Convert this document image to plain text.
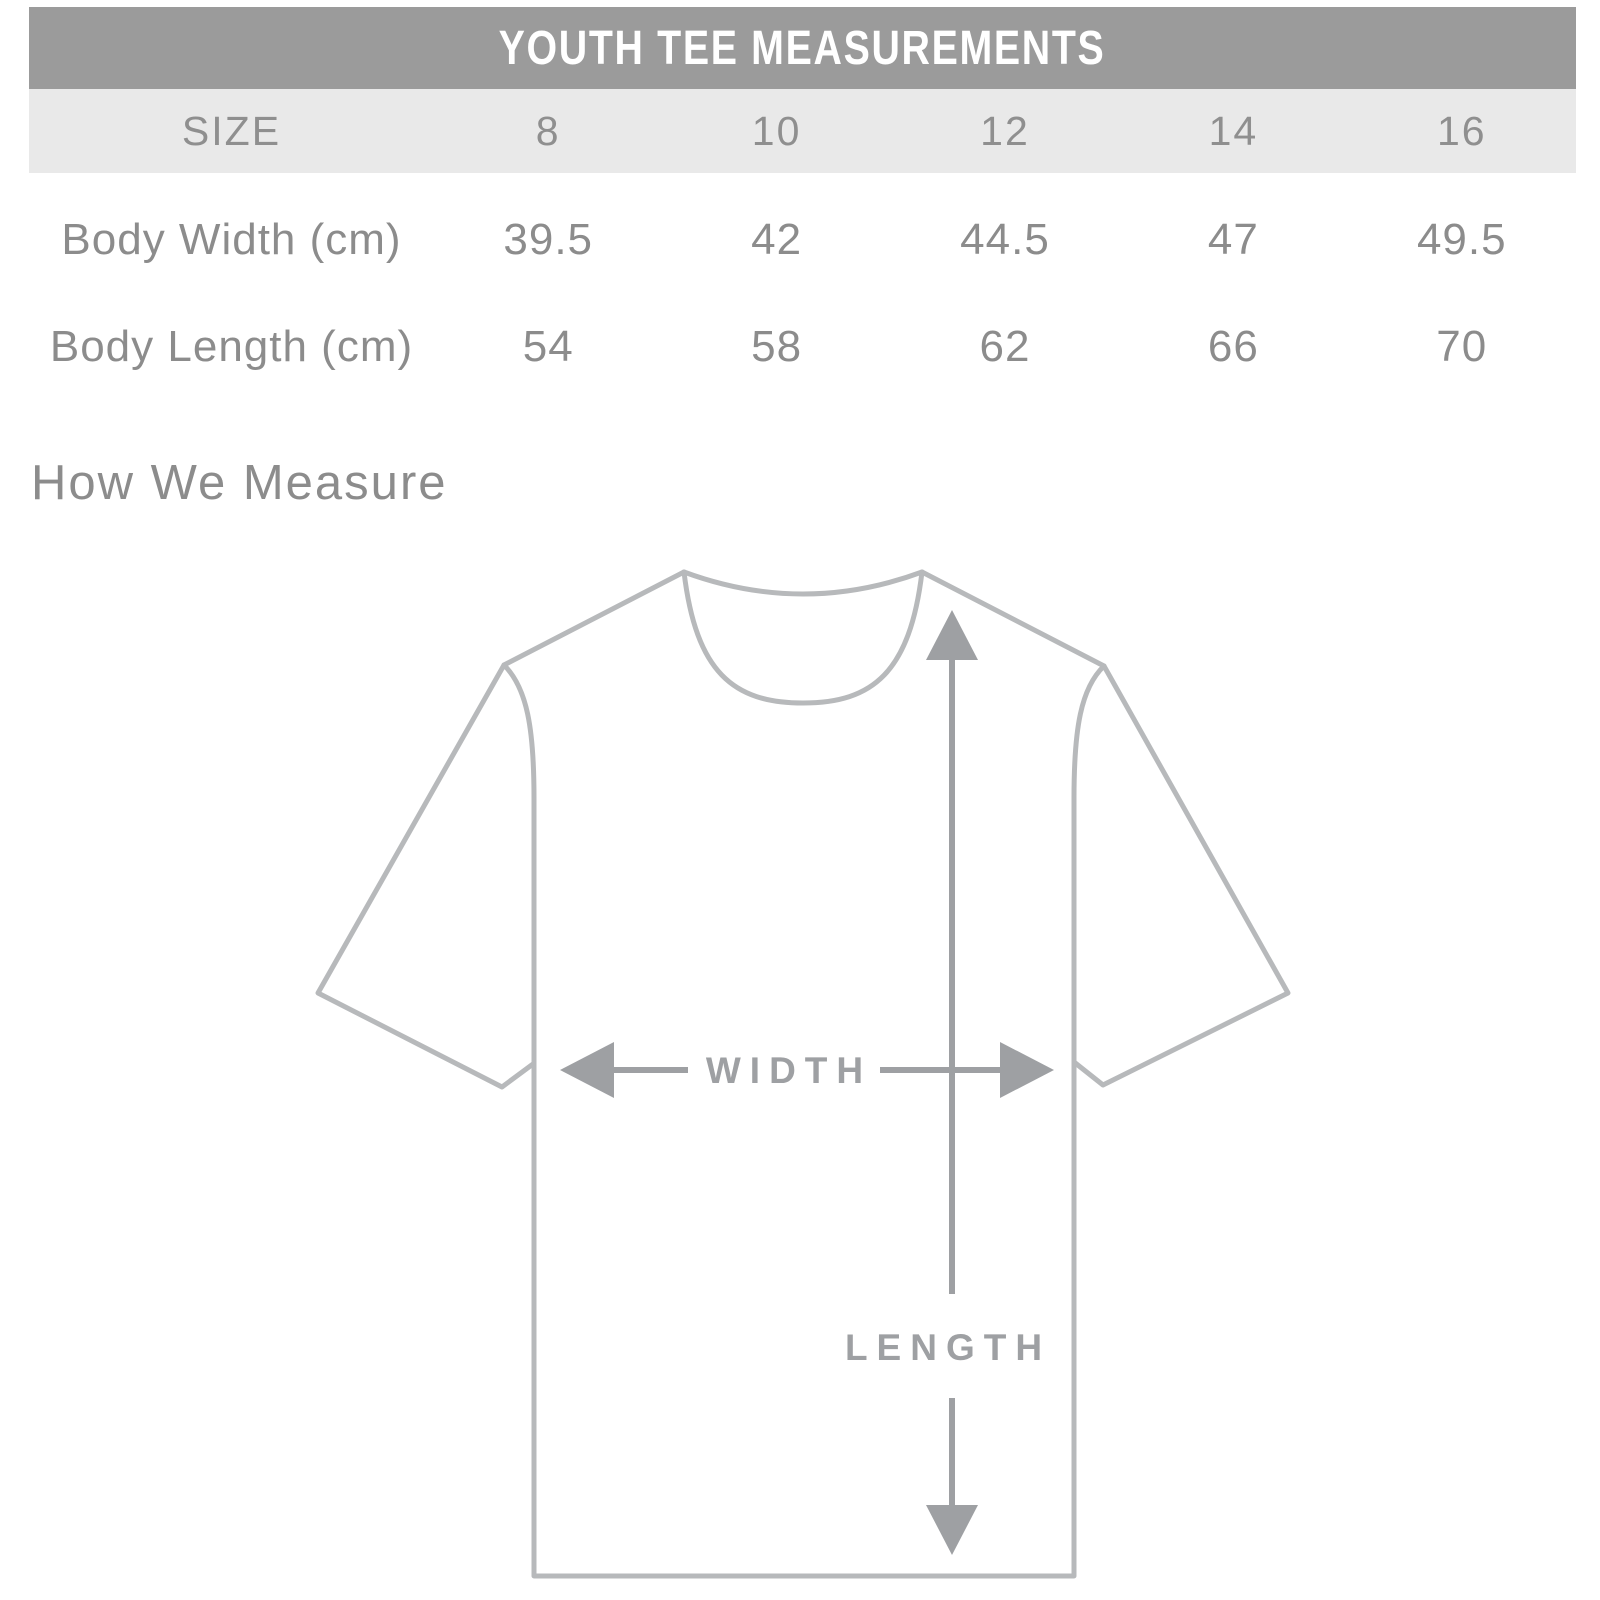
YOUTH TEE MEASUREMENTS
SIZE	8	10	12	14	16
Body Width (cm)	39.5	42	44.5	47	49.5
Body Length (cm)	54	58	62	66	70
How We Measure
WIDTH
LENGTH
